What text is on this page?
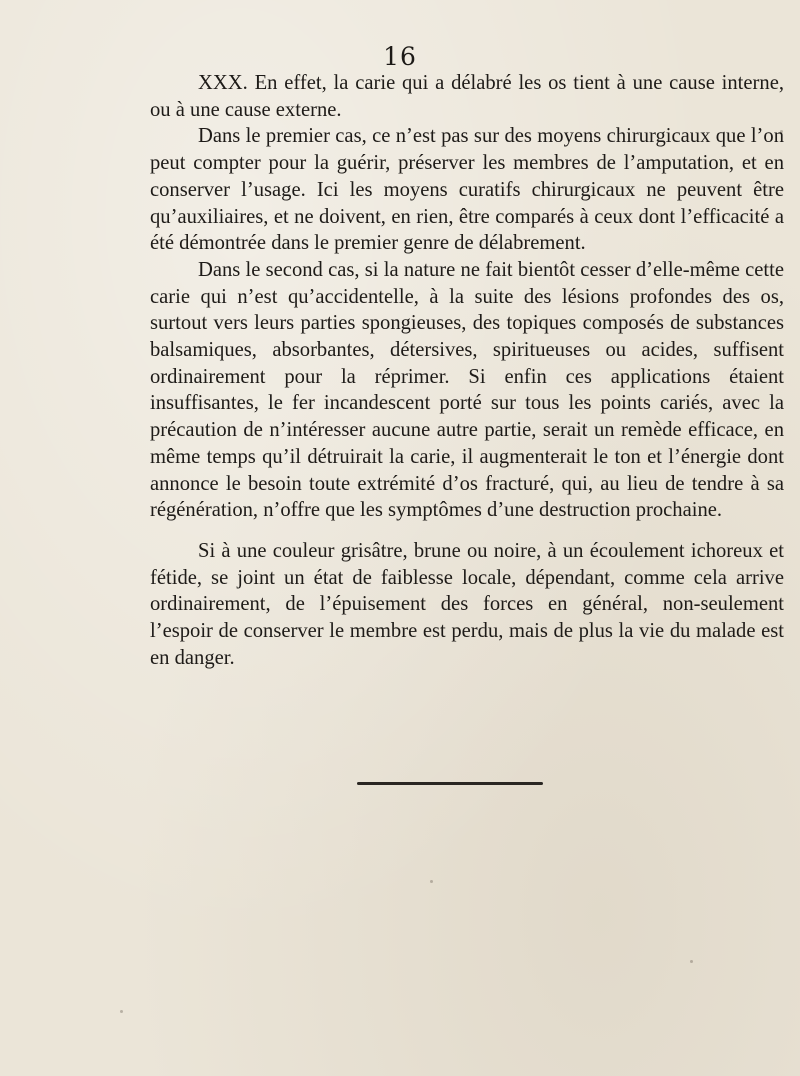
16

XXX. En effet, la carie qui a délabré les os tient à une cause interne, ou à une cause externe.

Dans le premier cas, ce n’est pas sur des moyens chirurgicaux que l’on peut compter pour la guérir, préserver les membres de l’amputation, et en conserver l’usage. Ici les moyens curatifs chirurgicaux ne peuvent être qu’auxiliaires, et ne doivent, en rien, être comparés à ceux dont l’efficacité a été démontrée dans le premier genre de délabrement.

Dans le second cas, si la nature ne fait bientôt cesser d’elle-même cette carie qui n’est qu’accidentelle, à la suite des lésions profondes des os, surtout vers leurs parties spongieuses, des topiques composés de substances balsamiques, absorbantes, détersives, spiritueuses ou acides, suffisent ordinairement pour la réprimer. Si enfin ces applications étaient insuffisantes, le fer incandescent porté sur tous les points cariés, avec la précaution de n’intéresser aucune autre partie, serait un remède efficace, en même temps qu’il détruirait la carie, il augmenterait le ton et l’énergie dont annonce le besoin toute extrémité d’os fracturé, qui, au lieu de tendre à sa régénération, n’offre que les symptômes d’une destruction prochaine.

Si à une couleur grisâtre, brune ou noire, à un écoulement ichoreux et fétide, se joint un état de faiblesse locale, dépendant, comme cela arrive ordinairement, de l’épuisement des forces en général, non-seulement l’espoir de conserver le membre est perdu, mais de plus la vie du malade est en danger.
